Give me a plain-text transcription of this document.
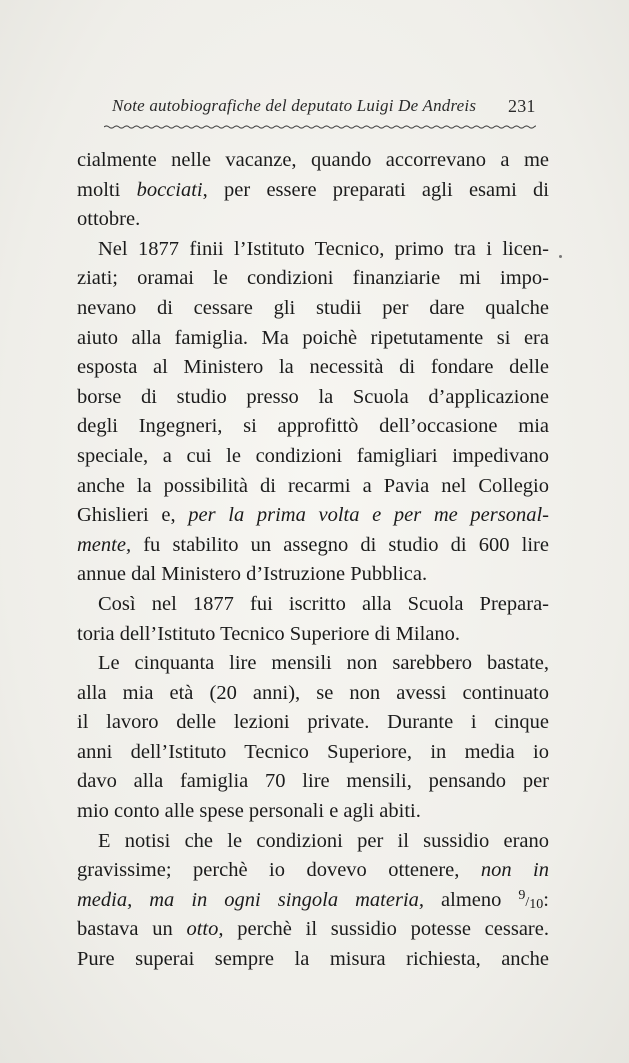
Note autobiografiche del deputato Luigi De Andreis 231
cialmente nelle vacanze, quando accorrevano a me
molti bocciati, per essere preparati agli esami di
ottobre.
Nel 1877 finii l’Istituto Tecnico, primo tra i licen-
ziati; oramai le condizioni finanziarie mi impo-
nevano di cessare gli studii per dare qualche
aiuto alla famiglia. Ma poichè ripetutamente si era
esposta al Ministero la necessità di fondare delle
borse di studio presso la Scuola d’applicazione
degli Ingegneri, si approfittò dell’occasione mia
speciale, a cui le condizioni famigliari impedivano
anche la possibilità di recarmi a Pavia nel Collegio
Ghislieri e, per la prima volta e per me personal-
mente, fu stabilito un assegno di studio di 600 lire
annue dal Ministero d’Istruzione Pubblica.
Così nel 1877 fui iscritto alla Scuola Prepara-
toria dell’Istituto Tecnico Superiore di Milano.
Le cinquanta lire mensili non sarebbero bastate,
alla mia età (20 anni), se non avessi continuato
il lavoro delle lezioni private. Durante i cinque
anni dell’Istituto Tecnico Superiore, in media io
davo alla famiglia 70 lire mensili, pensando per
mio conto alle spese personali e agli abiti.
E notisi che le condizioni per il sussidio erano
gravissime; perchè io dovevo ottenere, non in
media, ma in ogni singola materia, almeno 9/10:
bastava un otto, perchè il sussidio potesse cessare.
Pure superai sempre la misura richiesta, anche
